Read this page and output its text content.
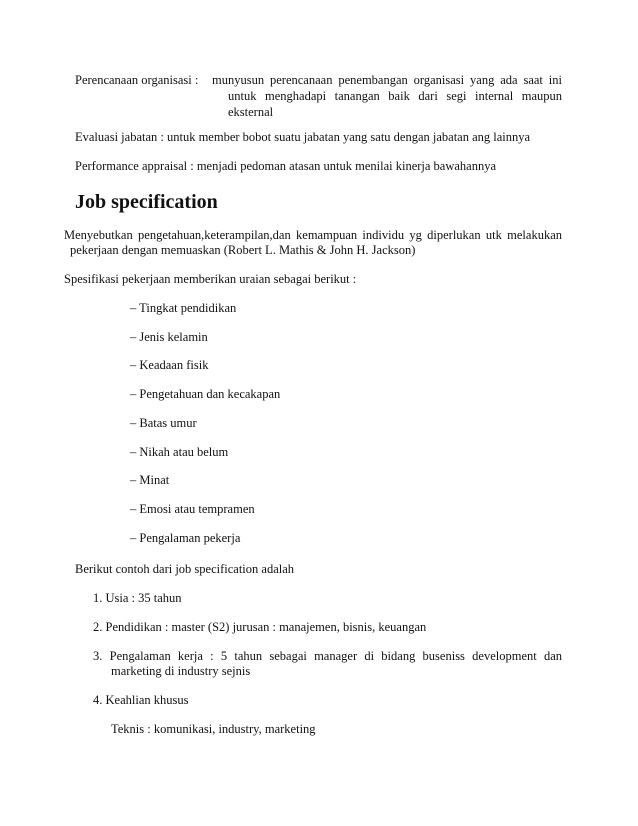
Perencanaan organisasi : munyusun perencanaan penembangan organisasi yang ada saat ini
untuk menghadapi tanangan baik dari segi internal maupun
eksternal
Evaluasi jabatan : untuk member bobot suatu jabatan yang satu dengan jabatan ang lainnya
Performance appraisal : menjadi pedoman atasan untuk menilai kinerja bawahannya
Job specification
Menyebutkan pengetahuan,keterampilan,dan kemampuan individu yg diperlukan utk melakukan
pekerjaan dengan memuaskan (Robert L. Mathis & John H. Jackson)
Spesifikasi pekerjaan memberikan uraian sebagai berikut :
– Tingkat pendidikan
– Jenis kelamin
– Keadaan fisik
– Pengetahuan dan kecakapan
– Batas umur
– Nikah atau belum
– Minat
– Emosi atau tempramen
– Pengalaman pekerja
Berikut contoh dari job specification adalah
1. Usia : 35 tahun
2. Pendidikan : master (S2) jurusan : manajemen, bisnis, keuangan
3. Pengalaman kerja : 5 tahun sebagai manager di bidang buseniss development dan
marketing di industry sejnis
4. Keahlian khusus
Teknis : komunikasi, industry, marketing
